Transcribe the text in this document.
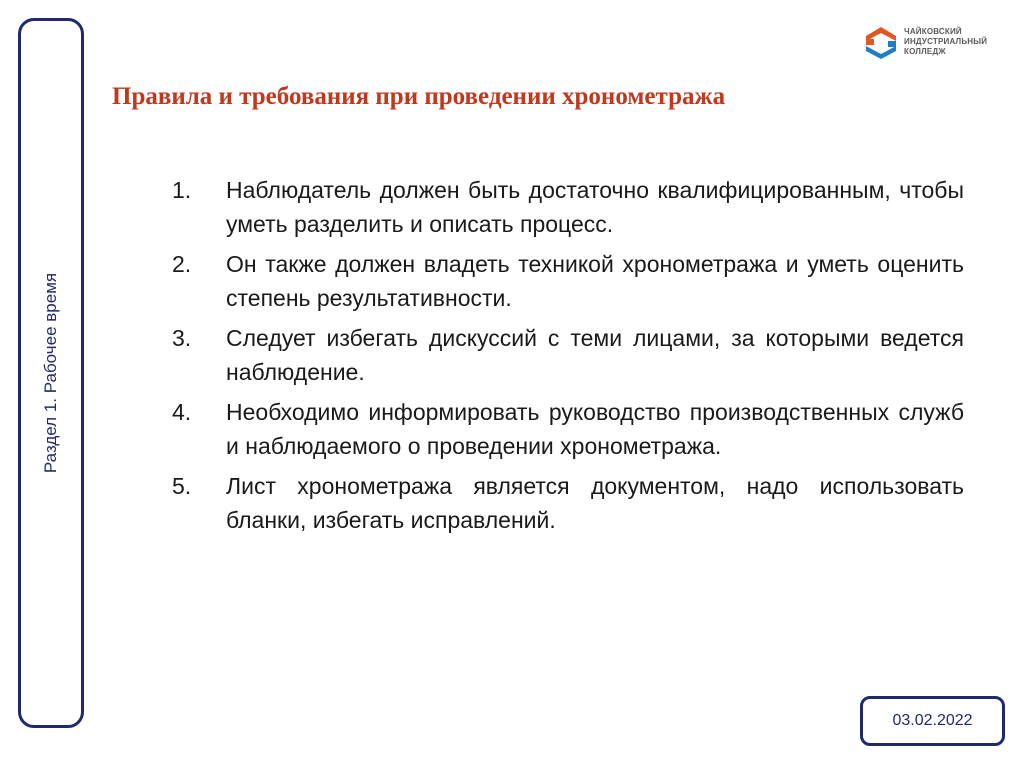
Раздел 1. Рабочее время
ЧАЙКОВСКИЙ
ИНДУСТРИАЛЬНЫЙ
КОЛЛЕДЖ
Правила и требования при проведении хронометража
1. Наблюдатель должен быть достаточно квалифицированным, чтобы уметь разделить и описать процесс.
2. Он также должен владеть техникой хронометража и уметь оценить степень результативности.
3. Следует избегать дискуссий с теми лицами, за которыми ведется наблюдение.
4. Необходимо информировать руководство производственных служб и наблюдаемого о проведении хронометража.
5. Лист хронометража является документом, надо использовать бланки, избегать исправлений.
03.02.2022
